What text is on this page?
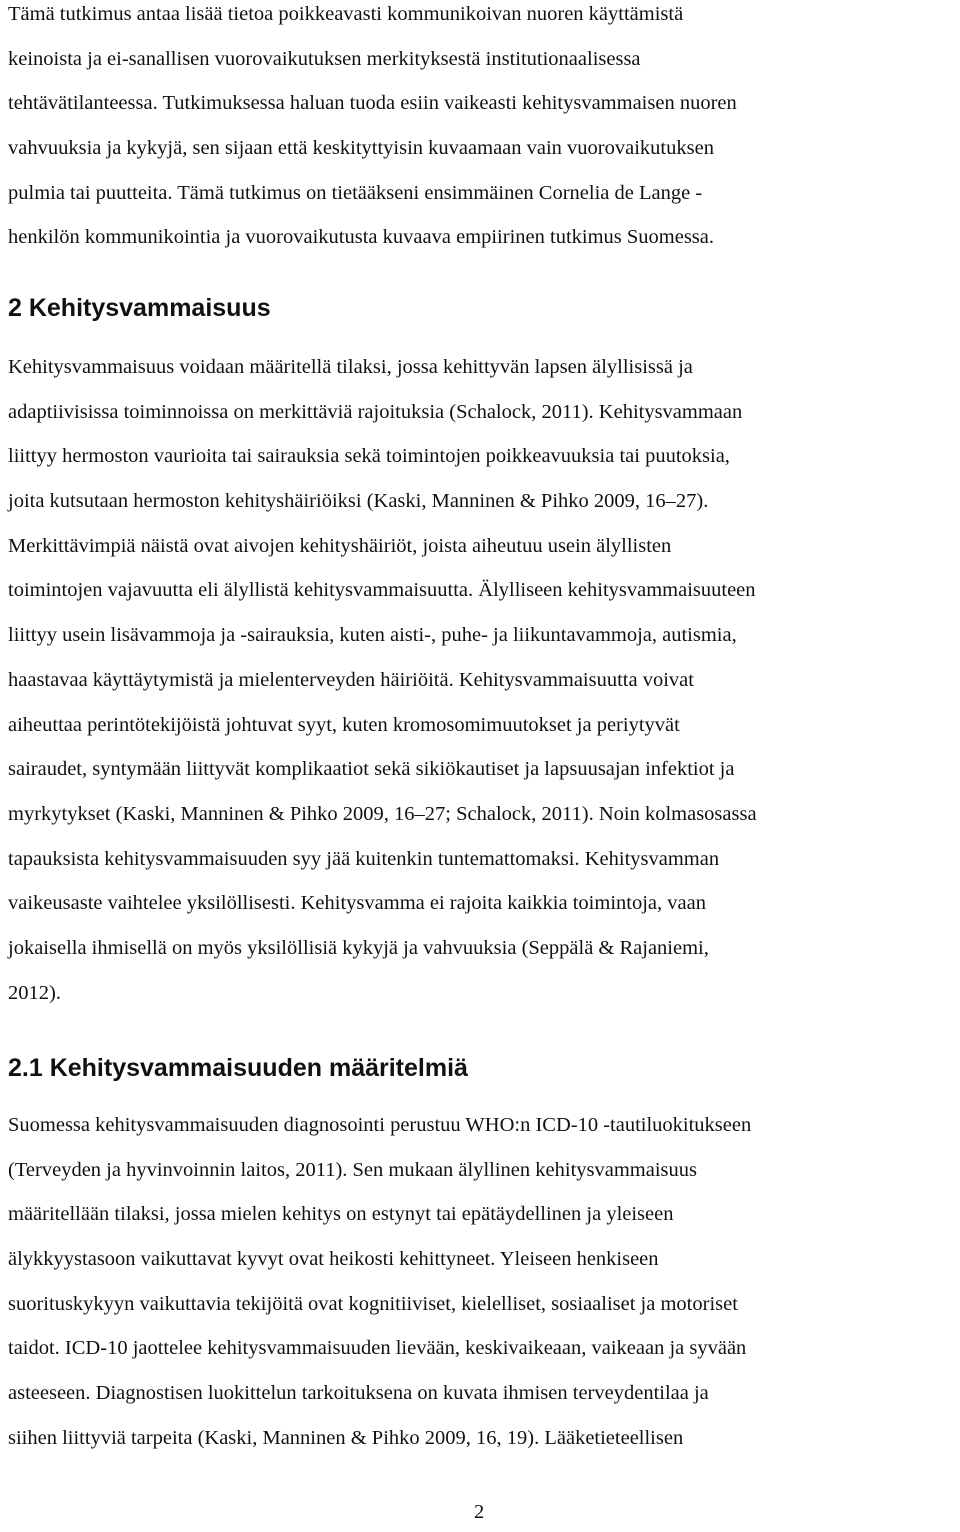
Tämä tutkimus antaa lisää tietoa poikkeavasti kommunikoivan nuoren käyttämistä
keinoista ja ei-sanallisen vuorovaikutuksen merkityksestä institutionaalisessa
tehtävätilanteessa. Tutkimuksessa haluan tuoda esiin vaikeasti kehitysvammaisen nuoren
vahvuuksia ja kykyjä, sen sijaan että keskityttyisin kuvaamaan vain vuorovaikutuksen
pulmia tai puutteita. Tämä tutkimus on tietääkseni ensimmäinen Cornelia de Lange -
henkilön kommunikointia ja vuorovaikutusta kuvaava empiirinen tutkimus Suomessa.
2 Kehitysvammaisuus
Kehitysvammaisuus voidaan määritellä tilaksi, jossa kehittyvän lapsen älyllisissä ja
adaptiivisissa toiminnoissa on merkittäviä rajoituksia (Schalock, 2011). Kehitysvammaan
liittyy hermoston vaurioita tai sairauksia sekä toimintojen poikkeavuuksia tai puutoksia,
joita kutsutaan hermoston kehityshäiriöiksi (Kaski, Manninen & Pihko 2009, 16–27).
Merkittävimpiä näistä ovat aivojen kehityshäiriöt, joista aiheutuu usein älyllisten
toimintojen vajavuutta eli älyllistä kehitysvammaisuutta. Älylliseen kehitysvammaisuuteen
liittyy usein lisävammoja ja -sairauksia, kuten aisti-, puhe- ja liikuntavammoja, autismia,
haastavaa käyttäytymistä ja mielenterveyden häiriöitä. Kehitysvammaisuutta voivat
aiheuttaa perintötekijöistä johtuvat syyt, kuten kromosomimuutokset ja periytyvät
sairaudet, syntymään liittyvät komplikaatiot sekä sikiökautiset ja lapsuusajan infektiot ja
myrkytykset (Kaski, Manninen & Pihko 2009, 16–27; Schalock, 2011). Noin kolmasosassa
tapauksista kehitysvammaisuuden syy jää kuitenkin tuntemattomaksi. Kehitysvamman
vaikeusaste vaihtelee yksilöllisesti. Kehitysvamma ei rajoita kaikkia toimintoja, vaan
jokaisella ihmisellä on myös yksilöllisiä kykyjä ja vahvuuksia (Seppälä & Rajaniemi,
2012).
2.1 Kehitysvammaisuuden määritelmiä
Suomessa kehitysvammaisuuden diagnosointi perustuu WHO:n ICD-10 -tautiluokitukseen
(Terveyden ja hyvinvoinnin laitos, 2011). Sen mukaan älyllinen kehitysvammaisuus
määritellään tilaksi, jossa mielen kehitys on estynyt tai epätäydellinen ja yleiseen
älykkyystasoon vaikuttavat kyvyt ovat heikosti kehittyneet. Yleiseen henkiseen
suorituskykyyn vaikuttavia tekijöitä ovat kognitiiviset, kielelliset, sosiaaliset ja motoriset
taidot. ICD-10 jaottelee kehitysvammaisuuden lievään, keskivaikeaan, vaikeaan ja syvään
asteeseen. Diagnostisen luokittelun tarkoituksena on kuvata ihmisen terveydentilaa ja
siihen liittyviä tarpeita (Kaski, Manninen & Pihko 2009, 16, 19). Lääketieteellisen
2
